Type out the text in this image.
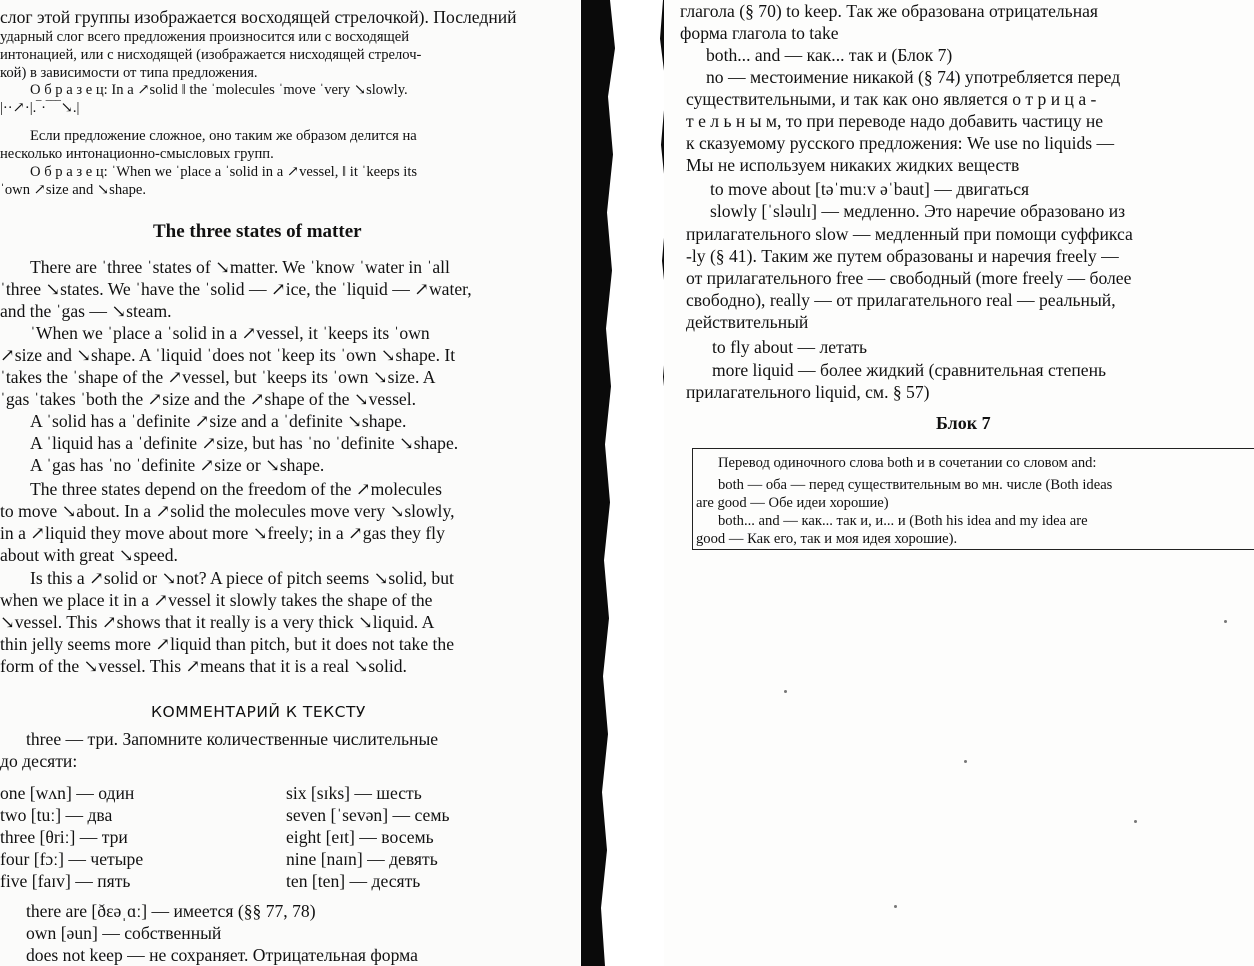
слог этой группы изображается восходящей стрелочкой). Последний
ударный слог всего предложения произносится или с восходящей
интонацией, или с нисходящей (изображается нисходящей стрелоч-
кой) в зависимости от типа предложения.
О б р а з е ц: In a ↗solid ‖ the ˈmolecules ˈmove ˈvery ↘slowly.
|··↗·|.‾·‾‾‾↘.|
Если предложение сложное, оно таким же образом делится на
несколько интонационно-смысловых групп.
О б р а з е ц: ˈWhen we ˈplace a ˈsolid in a ↗vessel, ‖ it ˈkeeps its
ˈown ↗size and ↘shape.
The three states of matter
There are ˈthree ˈstates of ↘matter. We ˈknow ˈwater in ˈall
ˈthree ↘states. We ˈhave the ˈsolid — ↗ice, the ˈliquid — ↗water,
and the ˈgas — ↘steam.
ˈWhen we ˈplace a ˈsolid in a ↗vessel, it ˈkeeps its ˈown
↗size and ↘shape. A ˈliquid ˈdoes not ˈkeep its ˈown ↘shape. It
ˈtakes the ˈshape of the ↗vessel, but ˈkeeps its ˈown ↘size. A
ˈgas ˈtakes ˈboth the ↗size and the ↗shape of the ↘vessel.
A ˈsolid has a ˈdefinite ↗size and a ˈdefinite ↘shape.
A ˈliquid has a ˈdefinite ↗size, but has ˈno ˈdefinite ↘shape.
A ˈgas has ˈno ˈdefinite ↗size or ↘shape.
The three states depend on the freedom of the ↗molecules
to move ↘about. In a ↗solid the molecules move very ↘slowly,
in a ↗liquid they move about more ↘freely; in a ↗gas they fly
about with great ↘speed.
Is this a ↗solid or ↘not? A piece of pitch seems ↘solid, but
when we place it in a ↗vessel it slowly takes the shape of the
↘vessel. This ↗shows that it really is a very thick ↘liquid. A
thin jelly seems more ↗liquid than pitch, but it does not take the
form of the ↘vessel. This ↗means that it is a real ↘solid.
КОММЕНТАРИЙ К ТЕКСТУ
three — три. Запомните количественные числительные
до десяти:
one [wʌn] — один	six [sɪks] — шесть
two [tuː] — два	seven [ˈsevən] — семь
three [θriː] — три	eight [eɪt] — восемь
four [fɔː] — четыре	nine [naɪn] — девять
five [faɪv] — пять	ten [ten] — десять
there are [ðɛəˌɑː] — имеется (§§ 77, 78)
own [əun] — собственный
does not keep — не сохраняет. Отрицательная форма
глагола (§ 70) to keep. Так же образована отрицательная
форма глагола to take
both... and — как... так и (Блок 7)
no — местоимение никакой (§ 74) употребляется перед
существительными, и так как оно является о т р и ц а -
т е л ь н ы м, то при переводе надо добавить частицу не
к сказуемому русского предложения: We use no liquids —
Мы не используем никаких жидких веществ
to move about [təˈmuːv əˈbaut] — двигаться
slowly [ˈsləulɪ] — медленно. Это наречие образовано из
прилагательного slow — медленный при помощи суффикса
-ly (§ 41). Таким же путем образованы и наречия freely —
от прилагательного free — свободный (more freely — более
свободно), really — от прилагательного real — реальный,
действительный
to fly about — летать
more liquid — более жидкий (сравнительная степень
прилагательного liquid, см. § 57)
Блок 7
Перевод одиночного слова both и в сочетании со словом and:
both — оба — перед существительным во мн. числе (Both ideas
are good — Обе идеи хорошие)
both... and — как... так и, и... и (Both his idea and my idea are
good — Как его, так и моя идея хорошие).
